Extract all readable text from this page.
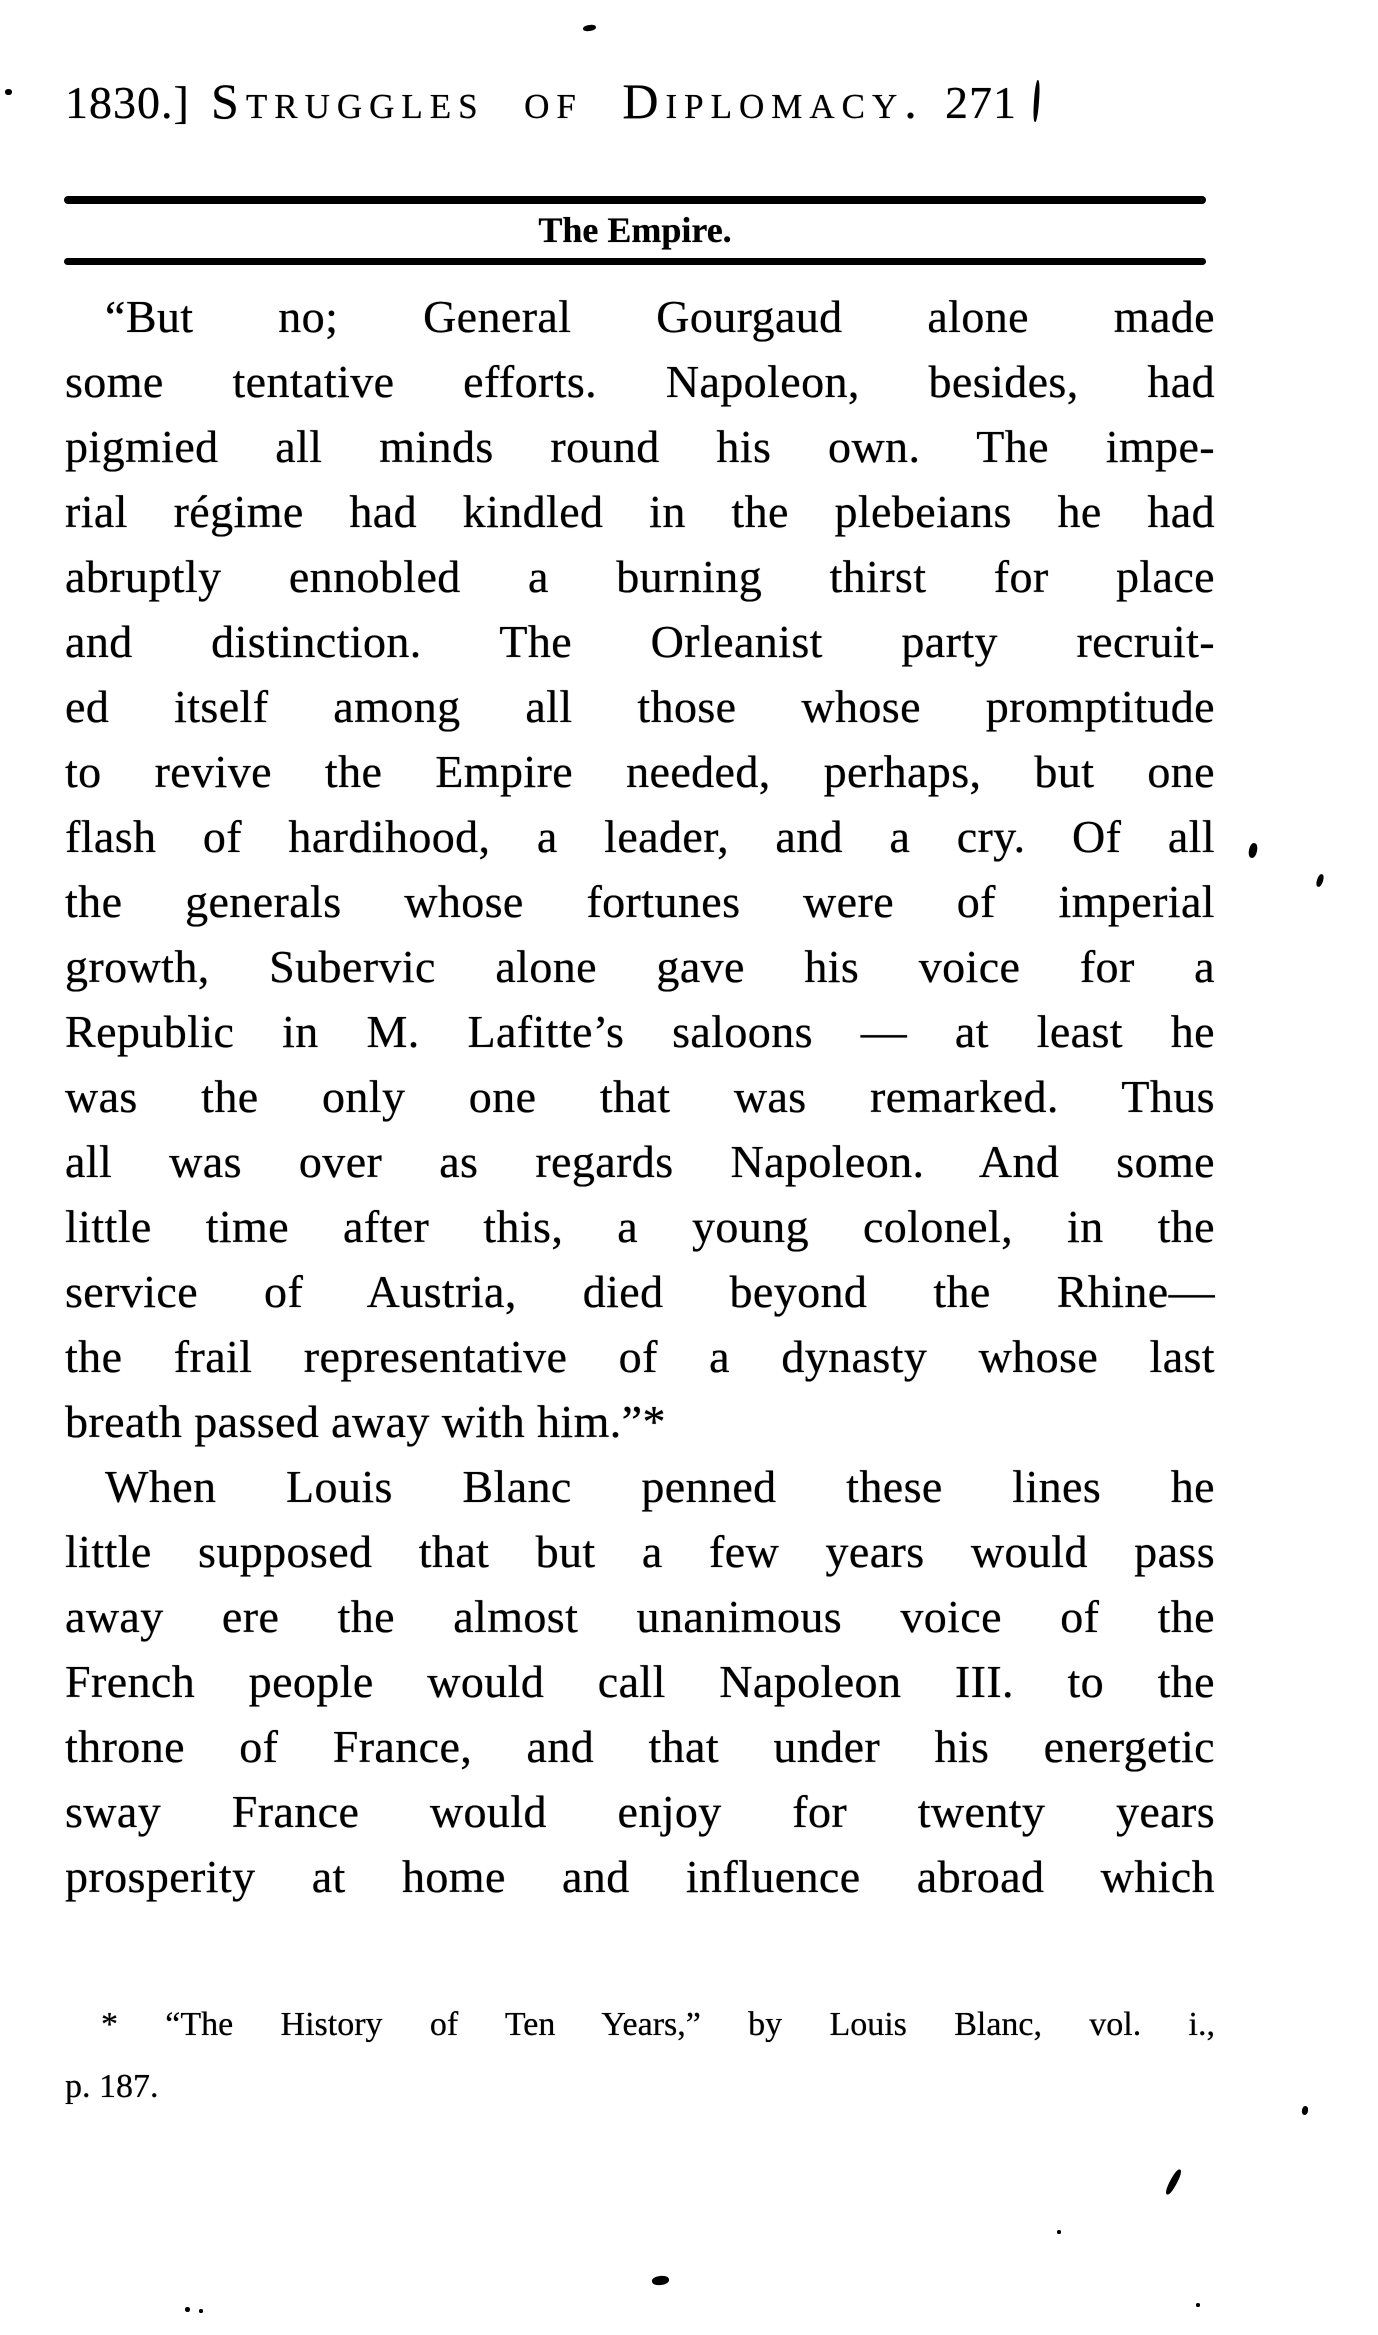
1830.] Struggles of Diplomacy. 271
The Empire.
“But no; General Gourgaud alone made
some tentative efforts. Napoleon, besides, had
pigmied all minds round his own. The impe-
rial régime had kindled in the plebeians he had
abruptly ennobled a burning thirst for place
and distinction. The Orleanist party recruit-
ed itself among all those whose promptitude
to revive the Empire needed, perhaps, but one
flash of hardihood, a leader, and a cry. Of all
the generals whose fortunes were of imperial
growth, Subervic alone gave his voice for a
Republic in M. Lafitte’s saloons — at least he
was the only one that was remarked. Thus
all was over as regards Napoleon. And some
little time after this, a young colonel, in the
service of Austria, died beyond the Rhine—
the frail representative of a dynasty whose last
breath passed away with him.”*
When Louis Blanc penned these lines he
little supposed that but a few years would pass
away ere the almost unanimous voice of the
French people would call Napoleon III. to the
throne of France, and that under his energetic
sway France would enjoy for twenty years
prosperity at home and influence abroad which
* “The History of Ten Years,” by Louis Blanc, vol. i.,
p. 187.
